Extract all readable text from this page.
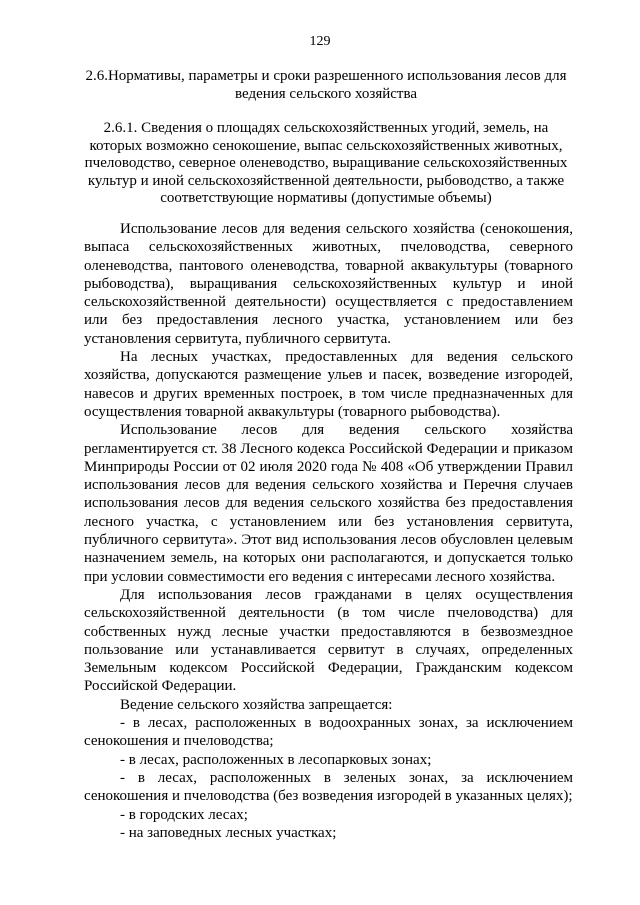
129
2.6.Нормативы, параметры и сроки разрешенного использования лесов для ведения сельского хозяйства
2.6.1. Сведения о площадях сельскохозяйственных угодий, земель, на которых возможно сенокошение, выпас сельскохозяйственных животных, пчеловодство, северное оленеводство, выращивание сельскохозяйственных культур и иной сельскохозяйственной деятельности, рыбоводство, а также соответствующие нормативы (допустимые объемы)

Использование лесов для ведения сельского хозяйства (сенокошения, выпаса сельскохозяйственных животных, пчеловодства, северного оленеводства, пантового оленеводства, товарной аквакультуры (товарного рыбоводства), выращивания сельскохозяйственных культур и иной сельскохозяйственной деятельности) осуществляется с предоставлением или без предоставления лесного участка, установлением или без установления сервитута, публичного сервитута.

На лесных участках, предоставленных для ведения сельского хозяйства, допускаются размещение ульев и пасек, возведение изгородей, навесов и других временных построек, в том числе предназначенных для осуществления товарной аквакультуры (товарного рыбоводства).

Использование лесов для ведения сельского хозяйства регламентируется ст. 38 Лесного кодекса Российской Федерации и приказом Минприроды России от 02 июля 2020 года № 408 «Об утверждении Правил использования лесов для ведения сельского хозяйства и Перечня случаев использования лесов для ведения сельского хозяйства без предоставления лесного участка, с установлением или без установления сервитута, публичного сервитута». Этот вид использования лесов обусловлен целевым назначением земель, на которых они располагаются, и допускается только при условии совместимости его ведения с интересами лесного хозяйства.

Для использования лесов гражданами в целях осуществления сельскохозяйственной деятельности (в том числе пчеловодства) для собственных нужд лесные участки предоставляются в безвозмездное пользование или устанавливается сервитут в случаях, определенных Земельным кодексом Российской Федерации, Гражданским кодексом Российской Федерации.

Ведение сельского хозяйства запрещается:

- в лесах, расположенных в водоохранных зонах, за исключением сенокошения и пчеловодства;

- в лесах, расположенных в лесопарковых зонах;

- в лесах, расположенных в зеленых зонах, за исключением сенокошения и пчеловодства (без возведения изгородей в указанных целях);

- в городских лесах;

- на заповедных лесных участках;
